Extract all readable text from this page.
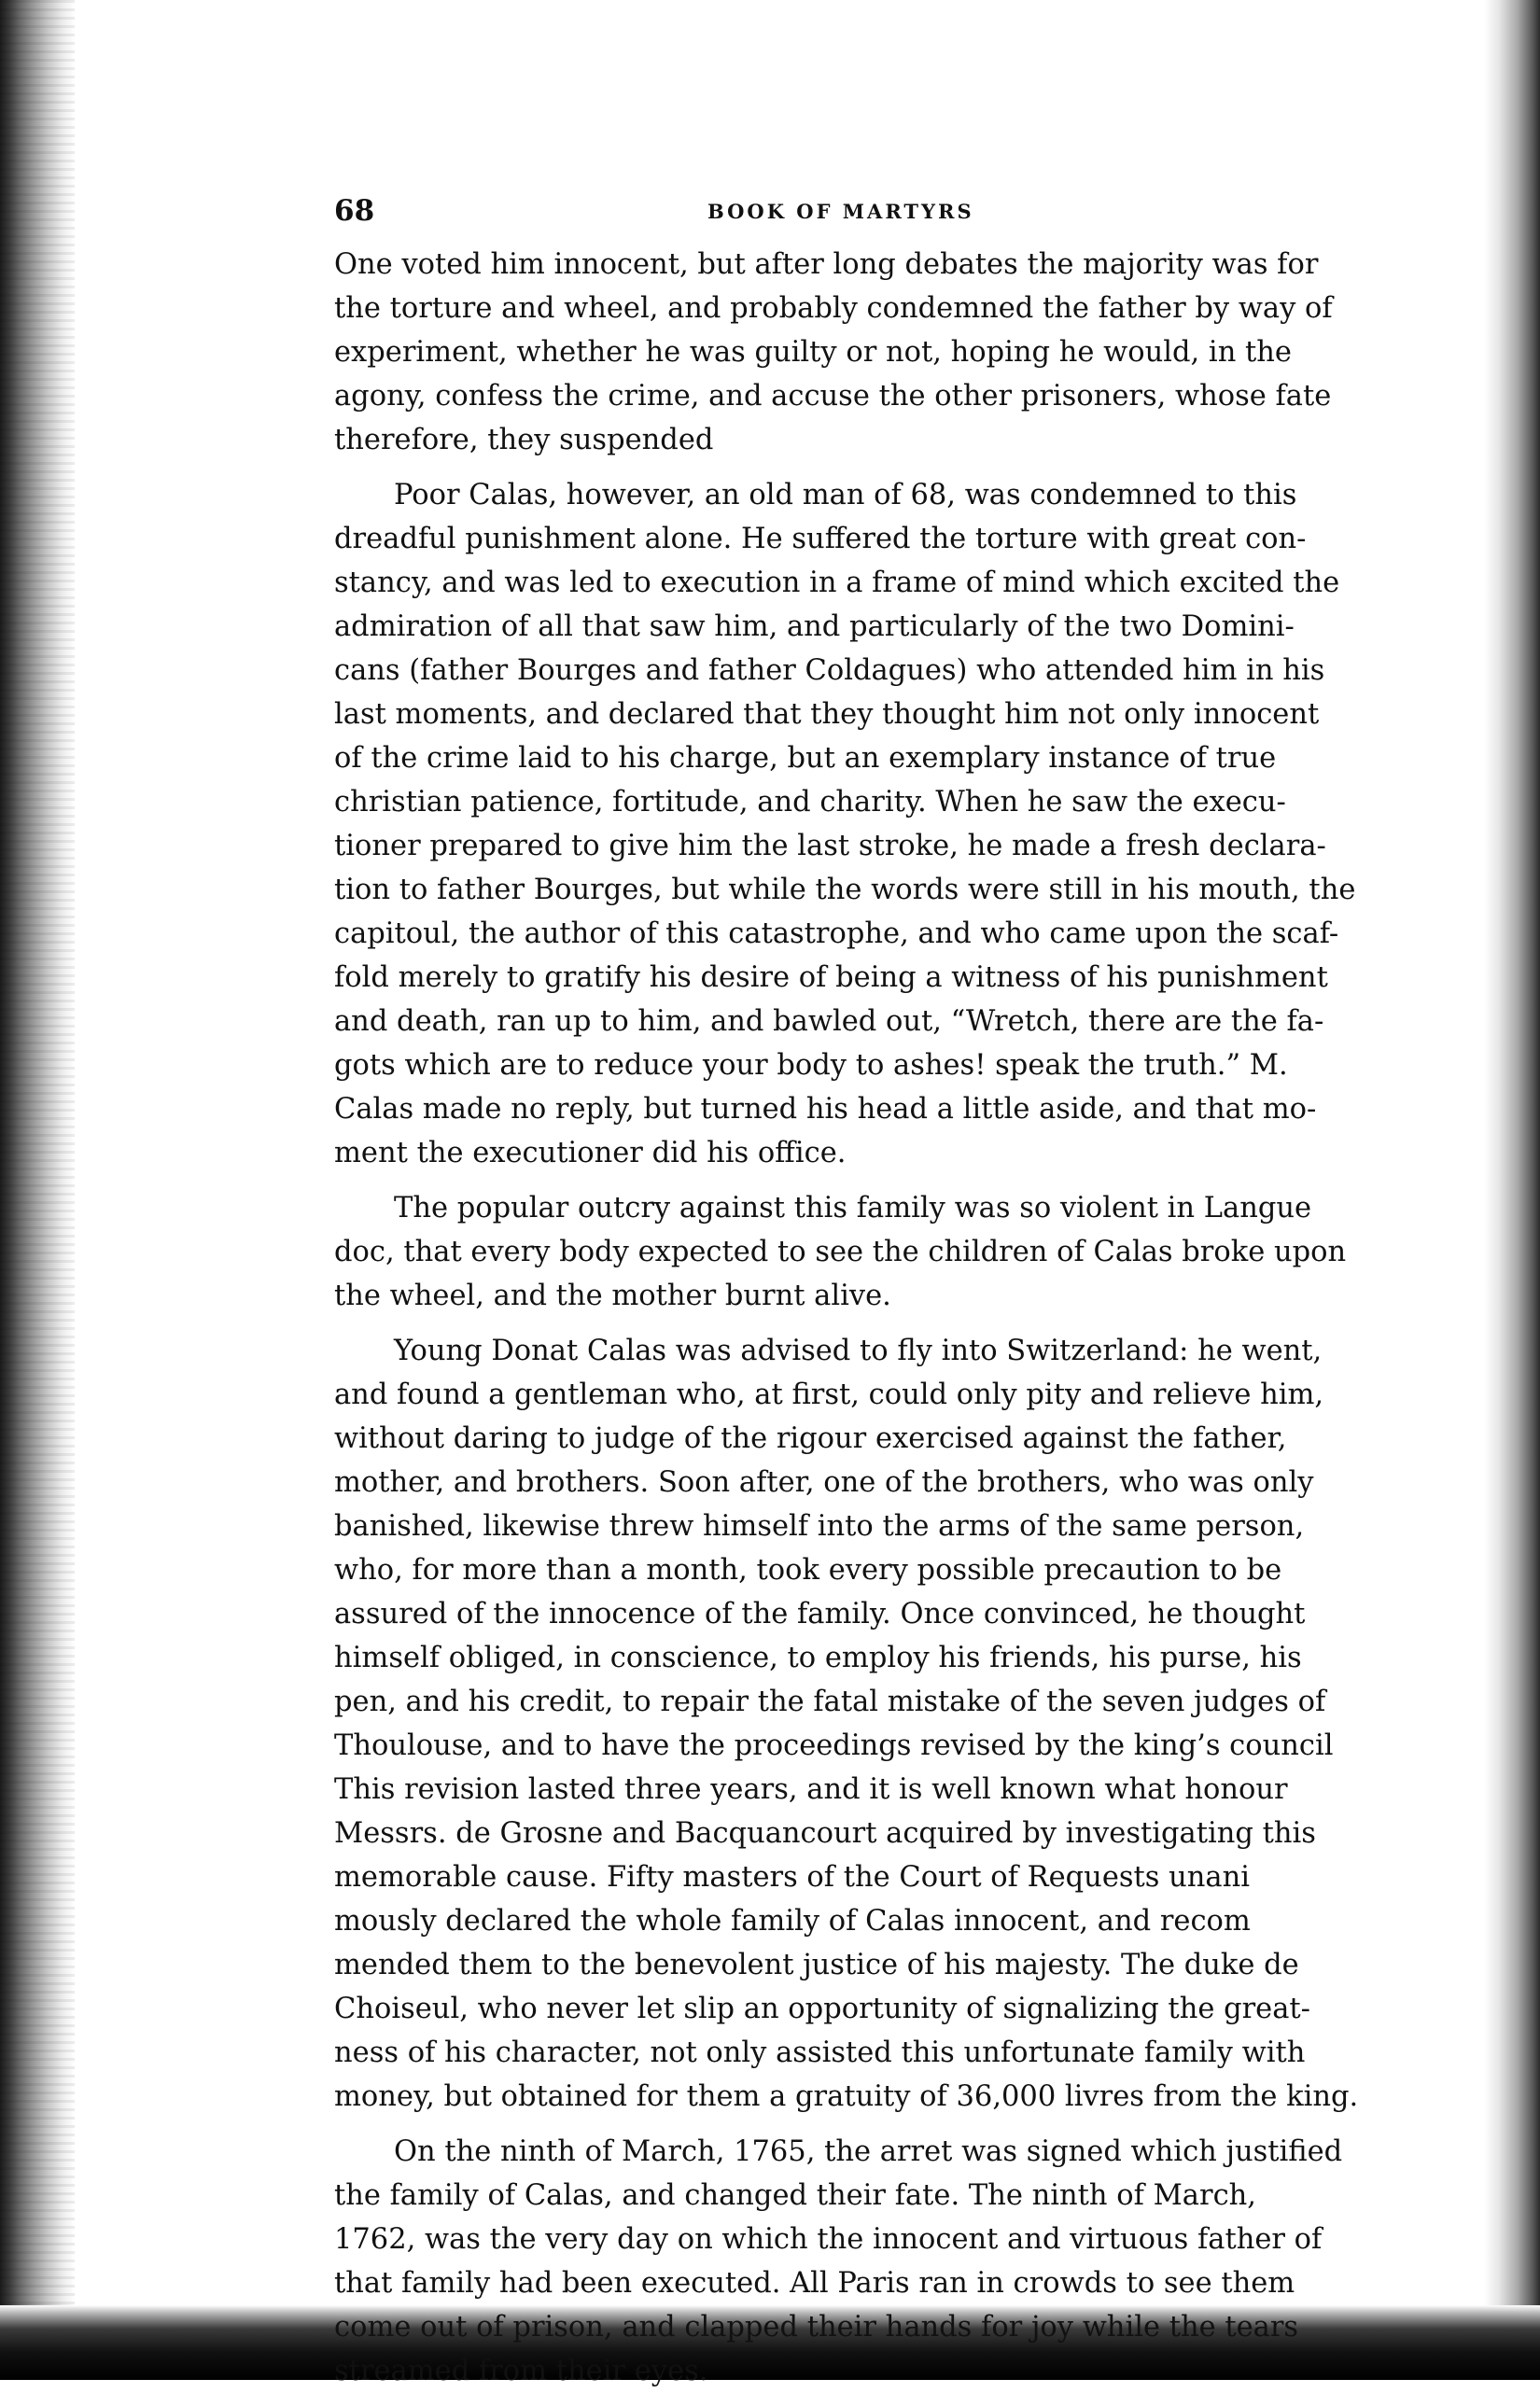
68	BOOK OF MARTYRS
One voted him innocent, but after long debates the majority was for
the torture and wheel, and probably condemned the father by way of
experiment, whether he was guilty or not, hoping he would, in the
agony, confess the crime, and accuse the other prisoners, whose fate
therefore, they suspended
Poor Calas, however, an old man of 68, was condemned to this
dreadful punishment alone. He suffered the torture with great con-
stancy, and was led to execution in a frame of mind which excited the
admiration of all that saw him, and particularly of the two Domini-
cans (father Bourges and father Coldagues) who attended him in his
last moments, and declared that they thought him not only innocent
of the crime laid to his charge, but an exemplary instance of true
christian patience, fortitude, and charity. When he saw the execu-
tioner prepared to give him the last stroke, he made a fresh declara-
tion to father Bourges, but while the words were still in his mouth, the
capitoul, the author of this catastrophe, and who came upon the scaf-
fold merely to gratify his desire of being a witness of his punishment
and death, ran up to him, and bawled out, “Wretch, there are the fa-
gots which are to reduce your body to ashes! speak the truth.” M.
Calas made no reply, but turned his head a little aside, and that mo-
ment the executioner did his office.
The popular outcry against this family was so violent in Langue
doc, that every body expected to see the children of Calas broke upon
the wheel, and the mother burnt alive.
Young Donat Calas was advised to fly into Switzerland: he went,
and found a gentleman who, at first, could only pity and relieve him,
without daring to judge of the rigour exercised against the father,
mother, and brothers. Soon after, one of the brothers, who was only
banished, likewise threw himself into the arms of the same person,
who, for more than a month, took every possible precaution to be
assured of the innocence of the family. Once convinced, he thought
himself obliged, in conscience, to employ his friends, his purse, his
pen, and his credit, to repair the fatal mistake of the seven judges of
Thoulouse, and to have the proceedings revised by the king’s council
This revision lasted three years, and it is well known what honour
Messrs. de Grosne and Bacquancourt acquired by investigating this
memorable cause. Fifty masters of the Court of Requests unani
mously declared the whole family of Calas innocent, and recom
mended them to the benevolent justice of his majesty. The duke de
Choiseul, who never let slip an opportunity of signalizing the great-
ness of his character, not only assisted this unfortunate family with
money, but obtained for them a gratuity of 36,000 livres from the king.
On the ninth of March, 1765, the arret was signed which justified
the family of Calas, and changed their fate. The ninth of March,
1762, was the very day on which the innocent and virtuous father of
that family had been executed. All Paris ran in crowds to see them
come out of prison, and clapped their hands for joy while the tears
streamed from their eyes.
